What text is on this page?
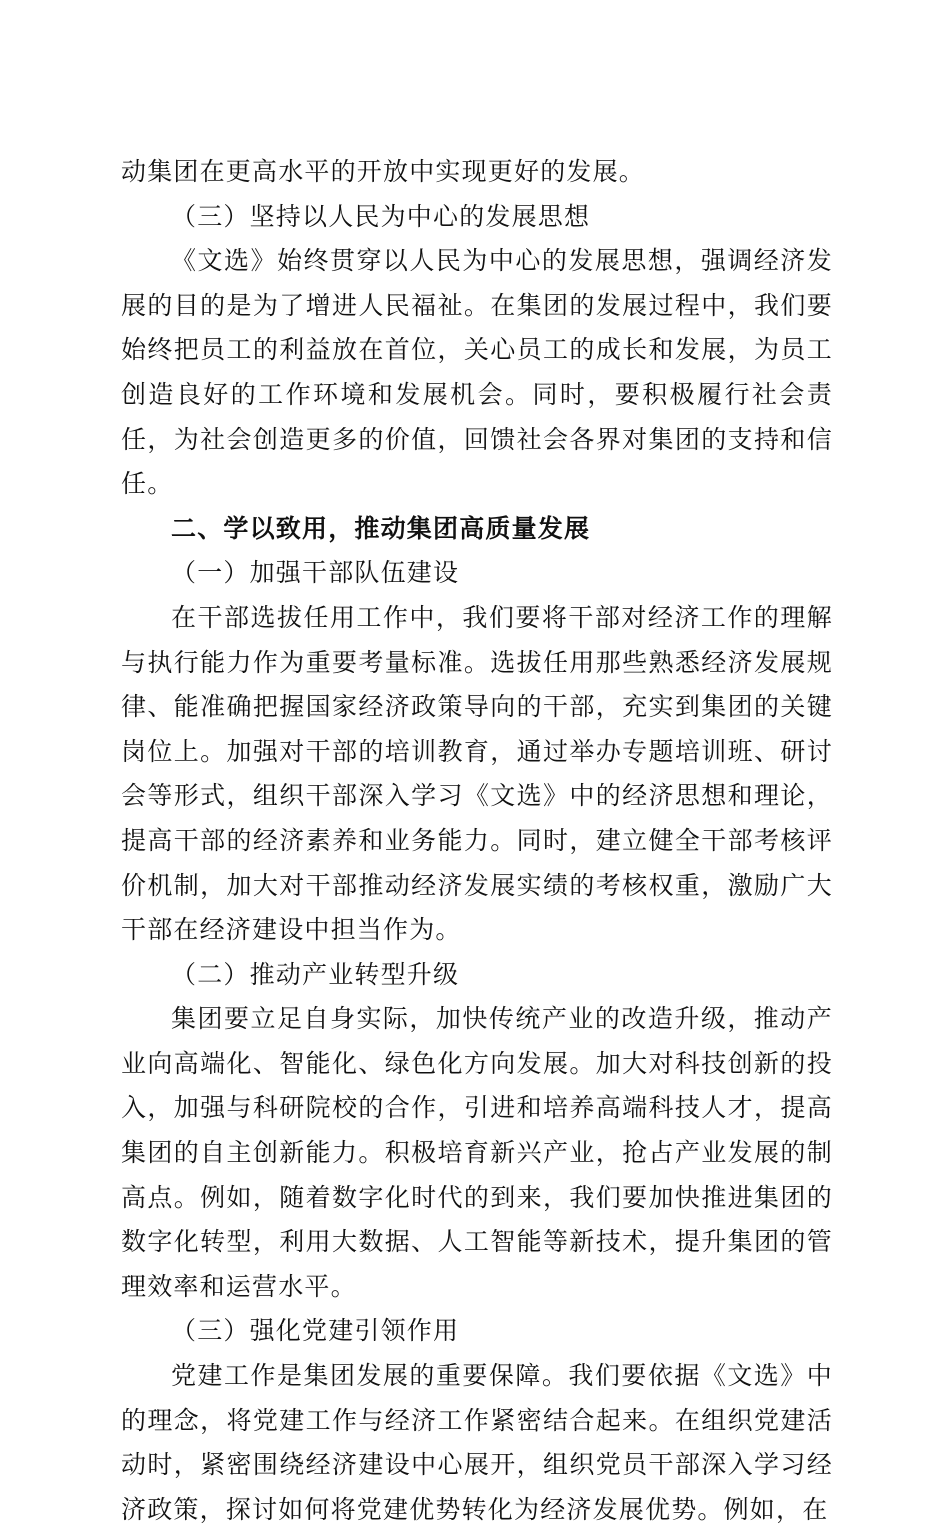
动集团在更高水平的开放中实现更好的发展。

（三）坚持以人民为中心的发展思想

《文选》始终贯穿以人民为中心的发展思想，强调经济发展的目的是为了增进人民福祉。在集团的发展过程中，我们要始终把员工的利益放在首位，关心员工的成长和发展，为员工创造良好的工作环境和发展机会。同时，要积极履行社会责任，为社会创造更多的价值，回馈社会各界对集团的支持和信任。

二、学以致用，推动集团高质量发展

（一）加强干部队伍建设

在干部选拔任用工作中，我们要将干部对经济工作的理解与执行能力作为重要考量标准。选拔任用那些熟悉经济发展规律、能准确把握国家经济政策导向的干部，充实到集团的关键岗位上。加强对干部的培训教育，通过举办专题培训班、研讨会等形式，组织干部深入学习《文选》中的经济思想和理论，提高干部的经济素养和业务能力。同时，建立健全干部考核评价机制，加大对干部推动经济发展实绩的考核权重，激励广大干部在经济建设中担当作为。

（二）推动产业转型升级

集团要立足自身实际，加快传统产业的改造升级，推动产业向高端化、智能化、绿色化方向发展。加大对科技创新的投入，加强与科研院校的合作，引进和培养高端科技人才，提高集团的自主创新能力。积极培育新兴产业，抢占产业发展的制高点。例如，随着数字化时代的到来，我们要加快推进集团的数字化转型，利用大数据、人工智能等新技术，提升集团的管理效率和运营水平。

（三）强化党建引领作用

党建工作是集团发展的重要保障。我们要依据《文选》中的理念，将党建工作与经济工作紧密结合起来。在组织党建活动时，紧密围绕经济建设中心展开，组织党员干部深入学习经济政策，探讨如何将党建优势转化为经济发展优势。例如，在
